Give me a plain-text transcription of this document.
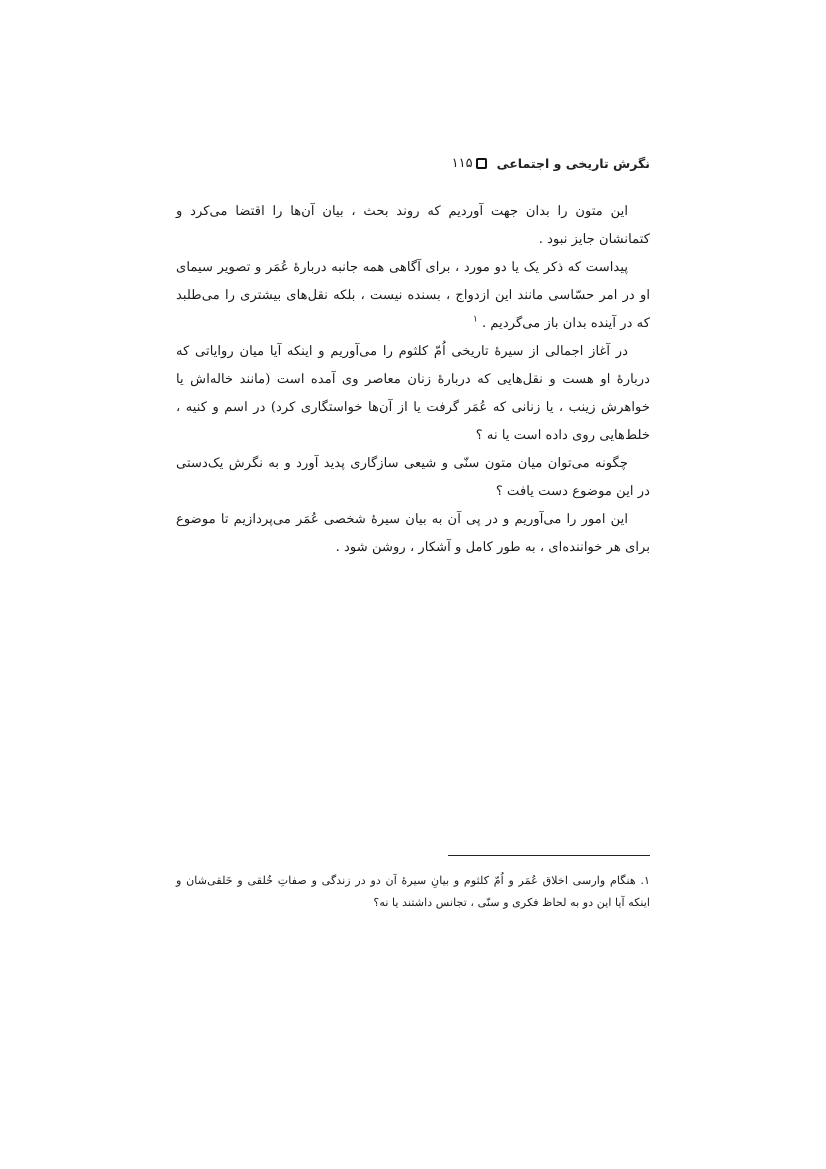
نگرش تاریخی و اجتماعی
۱۱۵

این متون را بدان جهت آوردیم که روند بحث ، بیان آن‌ها را اقتضا می‌کرد و کتمانشان جایز نبود .

پیداست که ذکر یک یا دو مورد ، برای آگاهی همه جانبه دربارهٔ عُمَر و تصویر سیمای او در امر حسّاسی مانند این ازدواج ، بسنده نیست ، بلکه نقل‌های بیشتری را می‌طلبد که در آینده بدان باز می‌گردیم . $^۱$

در آغاز اجمالی از سیرهٔ تاریخی اُمّ کلثوم را می‌آوریم و اینکه آیا میان روایاتی که دربارهٔ او هست و نقل‌هایی که دربارهٔ زنان معاصر وی آمده است (مانند خاله‌اش یا خواهرش زینب ، یا زنانی که عُمَر گرفت یا از آن‌ها خواستگاری کرد) در اسم و کنیه ، خلط‌هایی روی داده است یا نه ؟

چگونه می‌توان میان متون سنّی و شیعی سازگاری پدید آورد و به نگرش یک‌دستی در این موضوع دست یافت ؟

این امور را می‌آوریم و در پی آن به بیان سیرهٔ شخصی عُمَر می‌پردازیم تا موضوع برای هر خواننده‌ای ، به طور کامل و آشکار ، روشن شود .

۱. هنگام وارسی اخلاق عُمَر و اُمّ کلثوم و بیانِ سیرهٔ آن دو در زندگی و صفاتِ خُلقی و خَلقی‌شان و اینکه آیا این دو به لحاظ فکری و سنّی ، تجانس داشتند یا نه؟
